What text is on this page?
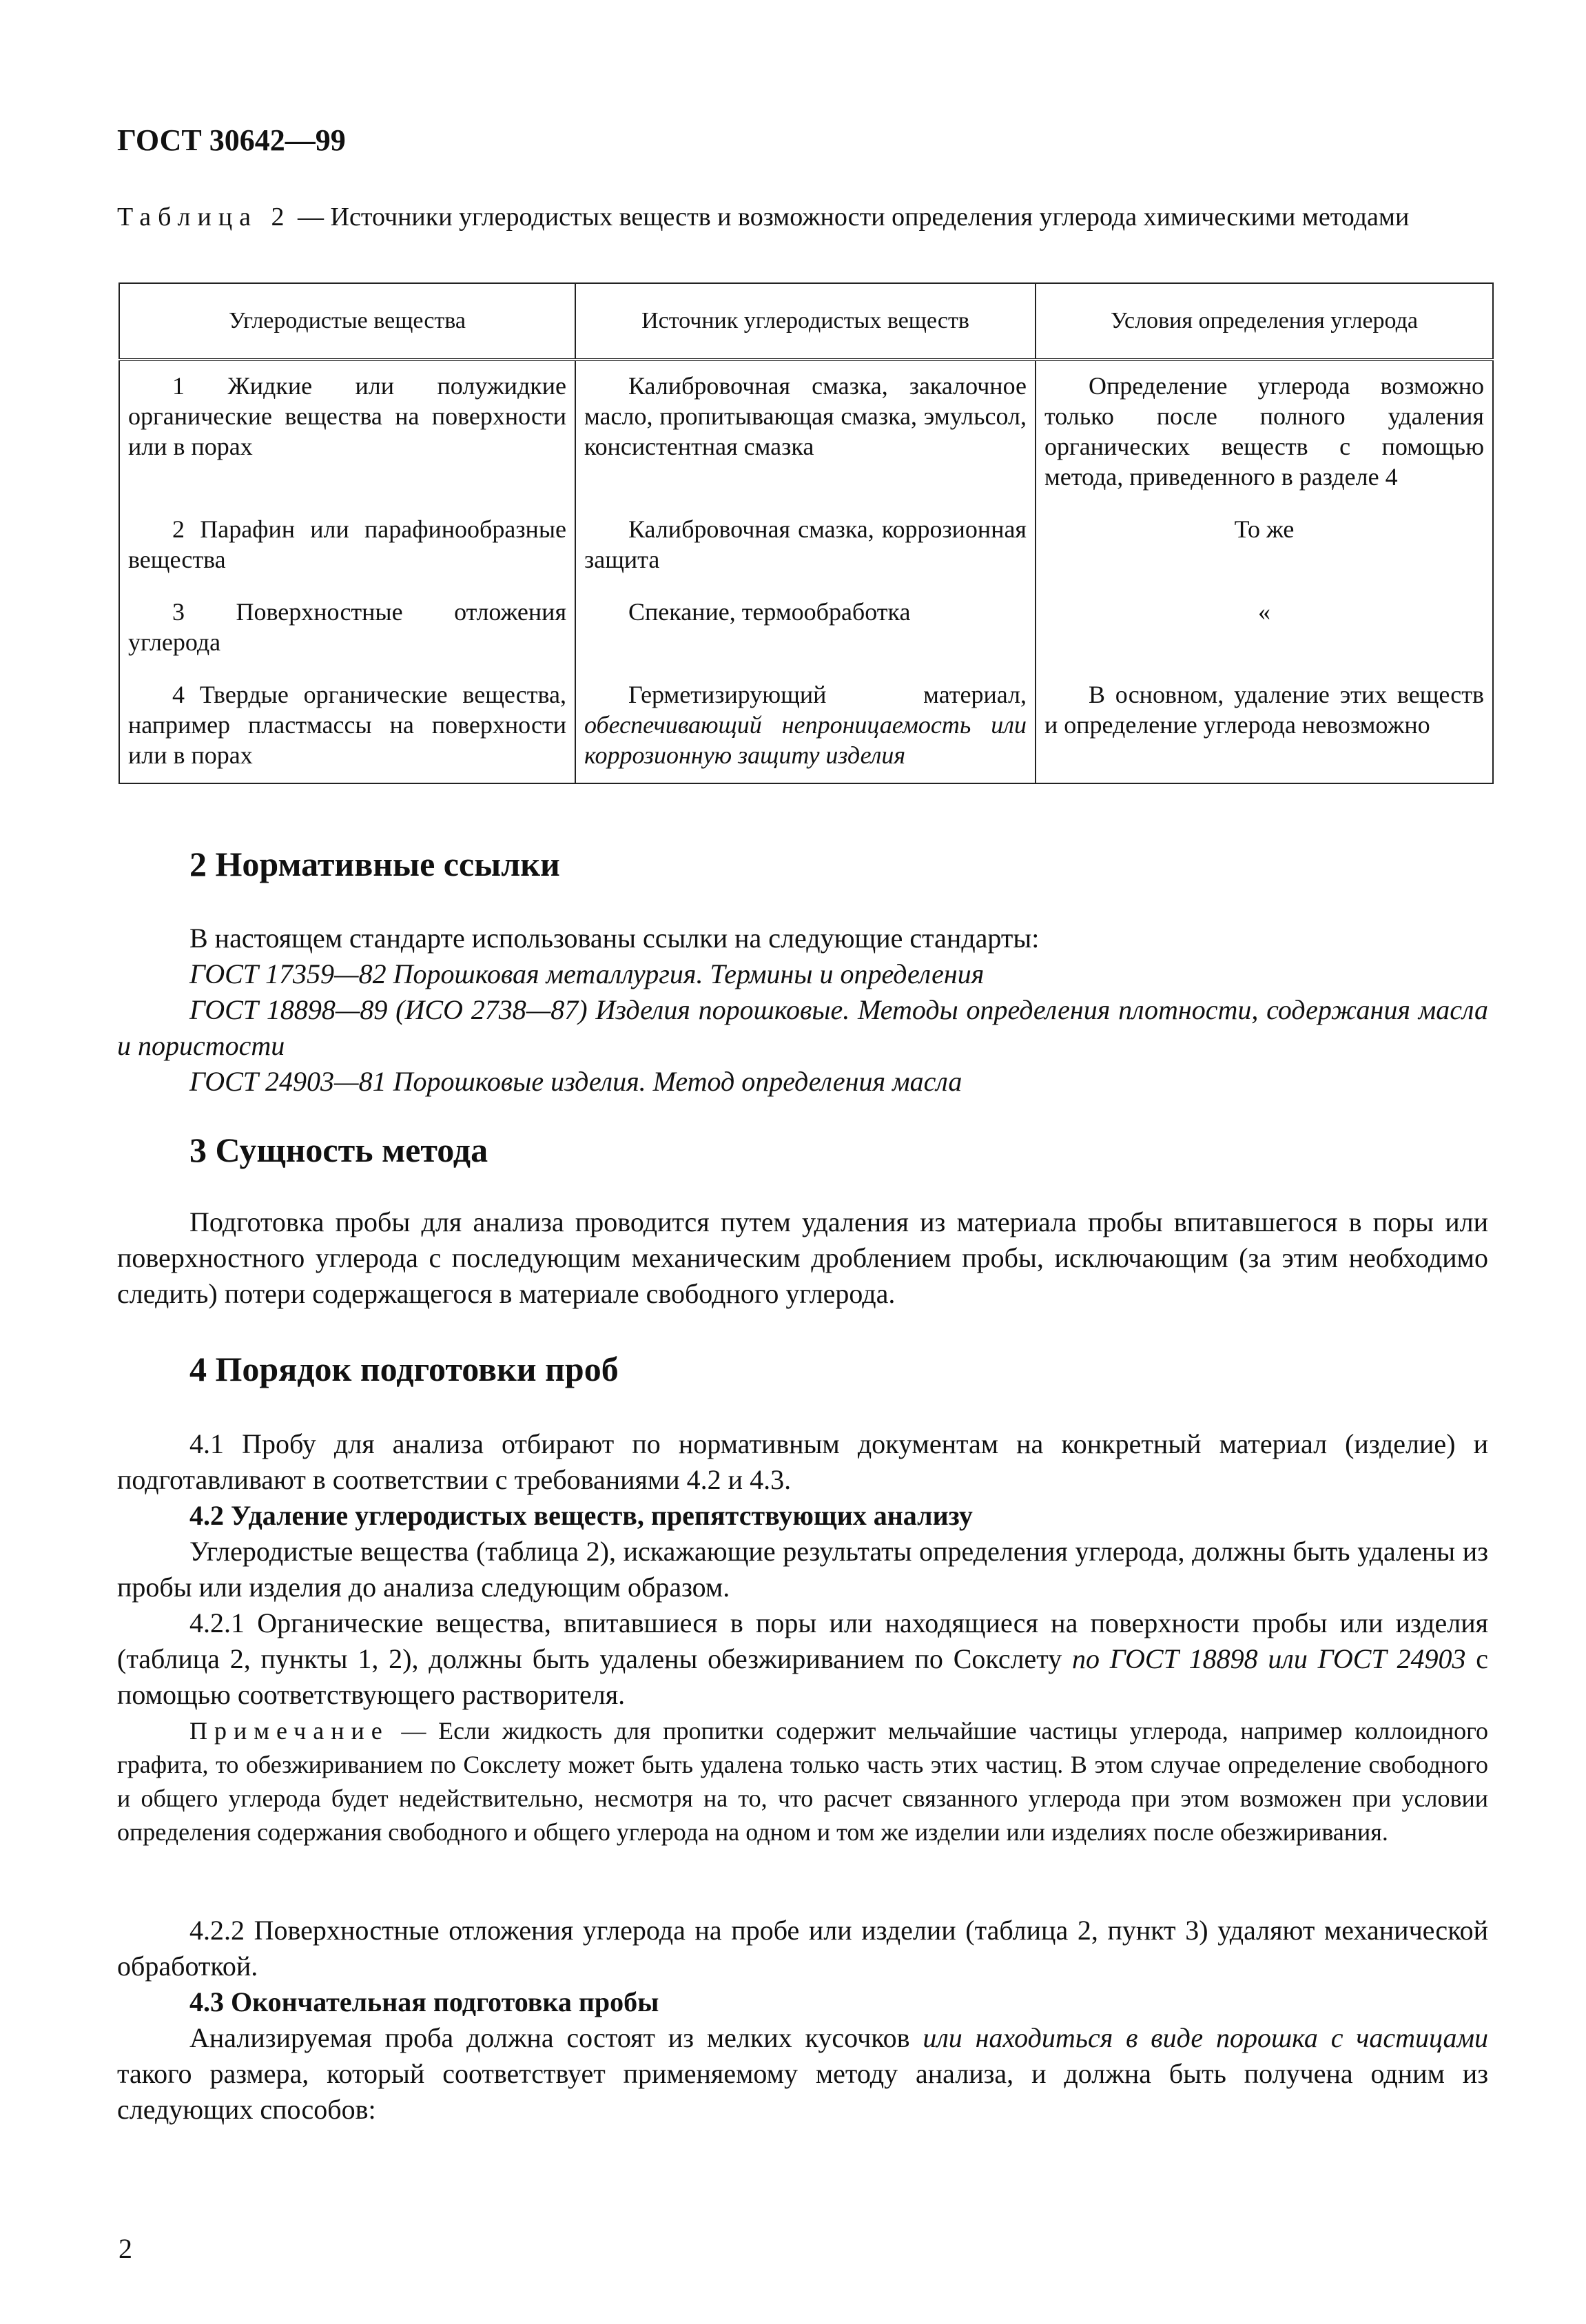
ГОСТ 30642—99
Таблица 2 — Источники углеродистых веществ и возможности определения углерода химическими методами
Углеродистые вещества	Источник углеродистых веществ	Условия определения углерода

1 Жидкие или полужидкие органические вещества на поверхности или в порах	Калибровочная смазка, закалочное масло, пропитывающая смазка, эмульсол, консистентная смазка	Определение углерода возможно только после полного удаления органических веществ с помощью метода, приведенного в разделе 4

2 Парафин или парафинообразные вещества	Калибровочная смазка, коррозионная защита	То же

3 Поверхностные отложения углерода	Спекание, термообработка	«

4 Твердые органические вещества, например пластмассы на поверхности или в порах	Герметизирующий материал, обеспечивающий непроницаемость или коррозионную защиту изделия	В основном, удаление этих веществ и определение углерода невозможно
2 Нормативные ссылки

В настоящем стандарте использованы ссылки на следующие стандарты:

ГОСТ 17359—82 Порошковая металлургия. Термины и определения

ГОСТ 18898—89 (ИСО 2738—87) Изделия порошковые. Методы определения плотности, содержания масла и пористости

ГОСТ 24903—81 Порошковые изделия. Метод определения масла

3 Сущность метода

Подготовка пробы для анализа проводится путем удаления из материала пробы впитавшегося в поры или поверхностного углерода с последующим механическим дроблением пробы, исключающим (за этим необходимо следить) потери содержащегося в материале свободного углерода.

4 Порядок подготовки проб

4.1 Пробу для анализа отбирают по нормативным документам на конкретный материал (изделие) и подготавливают в соответствии с требованиями 4.2 и 4.3.

4.2 Удаление углеродистых веществ, препятствующих анализу

Углеродистые вещества (таблица 2), искажающие результаты определения углерода, должны быть удалены из пробы или изделия до анализа следующим образом.

4.2.1 Органические вещества, впитавшиеся в поры или находящиеся на поверхности пробы или изделия (таблица 2, пункты 1, 2), должны быть удалены обезжириванием по Сокслету по ГОСТ 18898 или ГОСТ 24903 с помощью соответствующего растворителя.

Примечание — Если жидкость для пропитки содержит мельчайшие частицы углерода, например коллоидного графита, то обезжириванием по Сокслету может быть удалена только часть этих частиц. В этом случае определение свободного и общего углерода будет недействительно, несмотря на то, что расчет связанного углерода при этом возможен при условии определения содержания свободного и общего углерода на одном и том же изделии или изделиях после обезжиривания.

4.2.2 Поверхностные отложения углерода на пробе или изделии (таблица 2, пункт 3) удаляют механической обработкой.

4.3 Окончательная подготовка пробы

Анализируемая проба должна состоят из мелких кусочков или находиться в виде порошка с частицами такого размера, который соответствует применяемому методу анализа, и должна быть получена одним из следующих способов:

2
